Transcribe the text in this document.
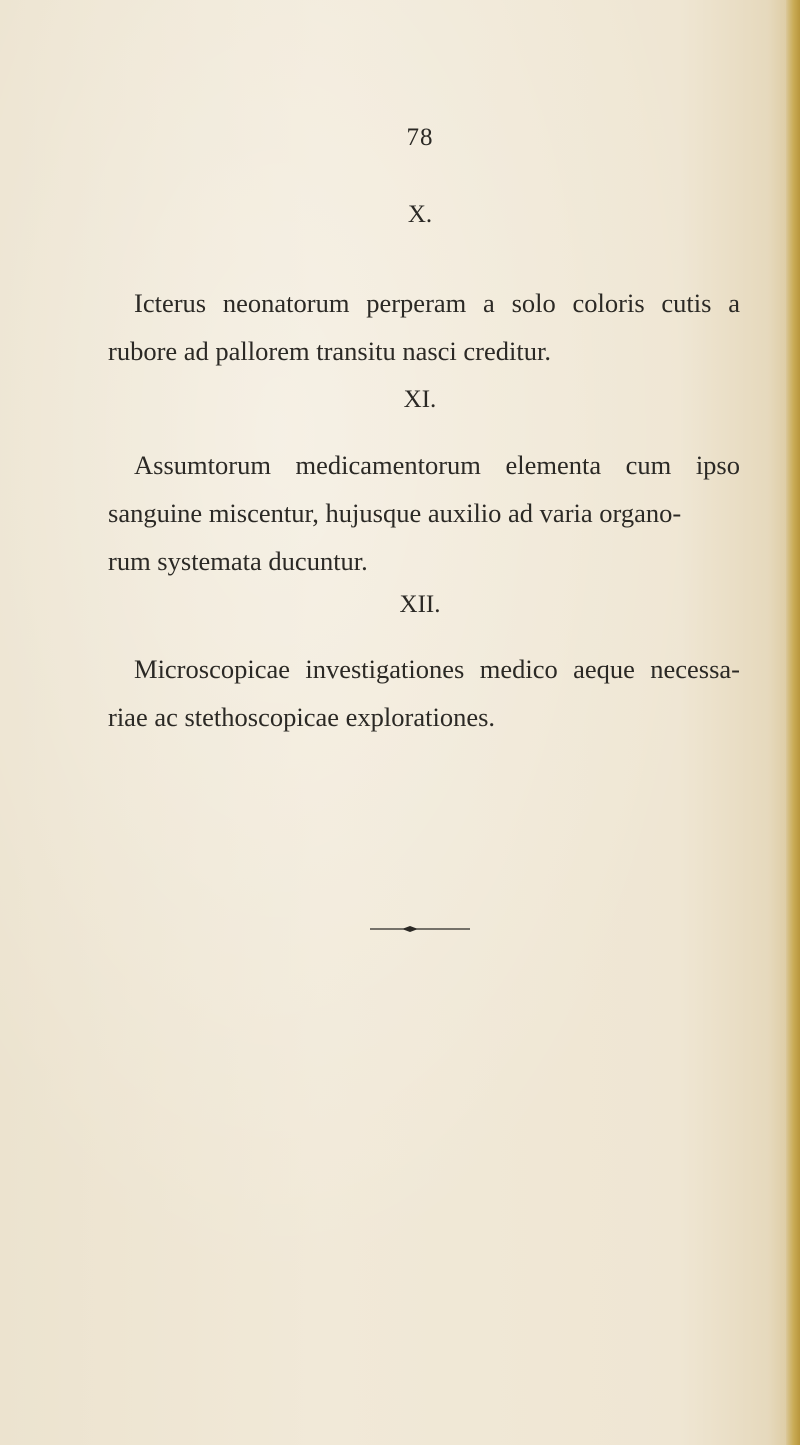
78
X.
Icterus neonatorum perperam a solo coloris cutis a
rubore ad pallorem transitu nasci creditur.
XI.
Assumtorum medicamentorum elementa cum ipso
sanguine miscentur, hujusque auxilio ad varia organo-
rum systemata ducuntur.
XII.
Microscopicae investigationes medico aeque necessa-
riae ac stethoscopicae explorationes.
